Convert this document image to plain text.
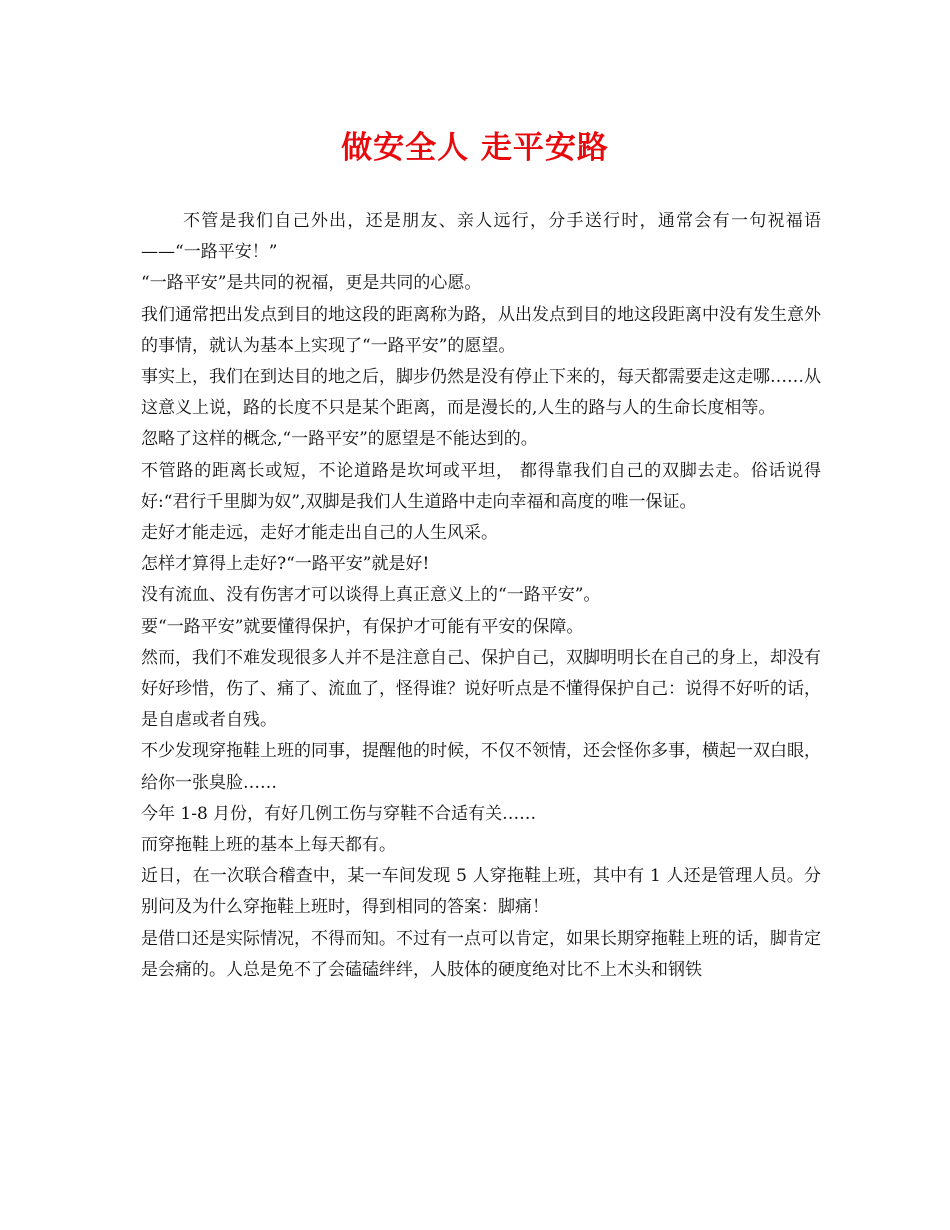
做安全人 走平安路

不管是我们自己外出，还是朋友、亲人远行，分手送行时，通常会有一句祝福语——“一路平安！”

“一路平安”是共同的祝福，更是共同的心愿。

我们通常把出发点到目的地这段的距离称为路，从出发点到目的地这段距离中没有发生意外的事情，就认为基本上实现了“一路平安”的愿望。

事实上，我们在到达目的地之后，脚步仍然是没有停止下来的，每天都需要走这走哪……从这意义上说，路的长度不只是某个距离，而是漫长的,人生的路与人的生命长度相等。

忽略了这样的概念,“一路平安”的愿望是不能达到的。

不管路的距离长或短，不论道路是坎坷或平坦， 都得靠我们自己的双脚去走。俗话说得好:“君行千里脚为奴”,双脚是我们人生道路中走向幸福和高度的唯一保证。

走好才能走远，走好才能走出自己的人生风采。

怎样才算得上走好?“一路平安”就是好!

没有流血、没有伤害才可以谈得上真正意义上的“一路平安”。

要“一路平安”就要懂得保护，有保护才可能有平安的保障。

然而，我们不难发现很多人并不是注意自己、保护自己，双脚明明长在自己的身上，却没有好好珍惜，伤了、痛了、流血了，怪得谁？说好听点是不懂得保护自己：说得不好听的话，是自虐或者自残。

不少发现穿拖鞋上班的同事，提醒他的时候，不仅不领情，还会怪你多事，横起一双白眼，给你一张臭脸……

今年 1-8 月份，有好几例工伤与穿鞋不合适有关……

而穿拖鞋上班的基本上每天都有。

近日，在一次联合稽查中，某一车间发现 5 人穿拖鞋上班，其中有 1 人还是管理人员。分别问及为什么穿拖鞋上班时，得到相同的答案：脚痛！

是借口还是实际情况，不得而知。不过有一点可以肯定，如果长期穿拖鞋上班的话，脚肯定是会痛的。人总是免不了会磕磕绊绊，人肢体的硬度绝对比不上木头和钢铁
